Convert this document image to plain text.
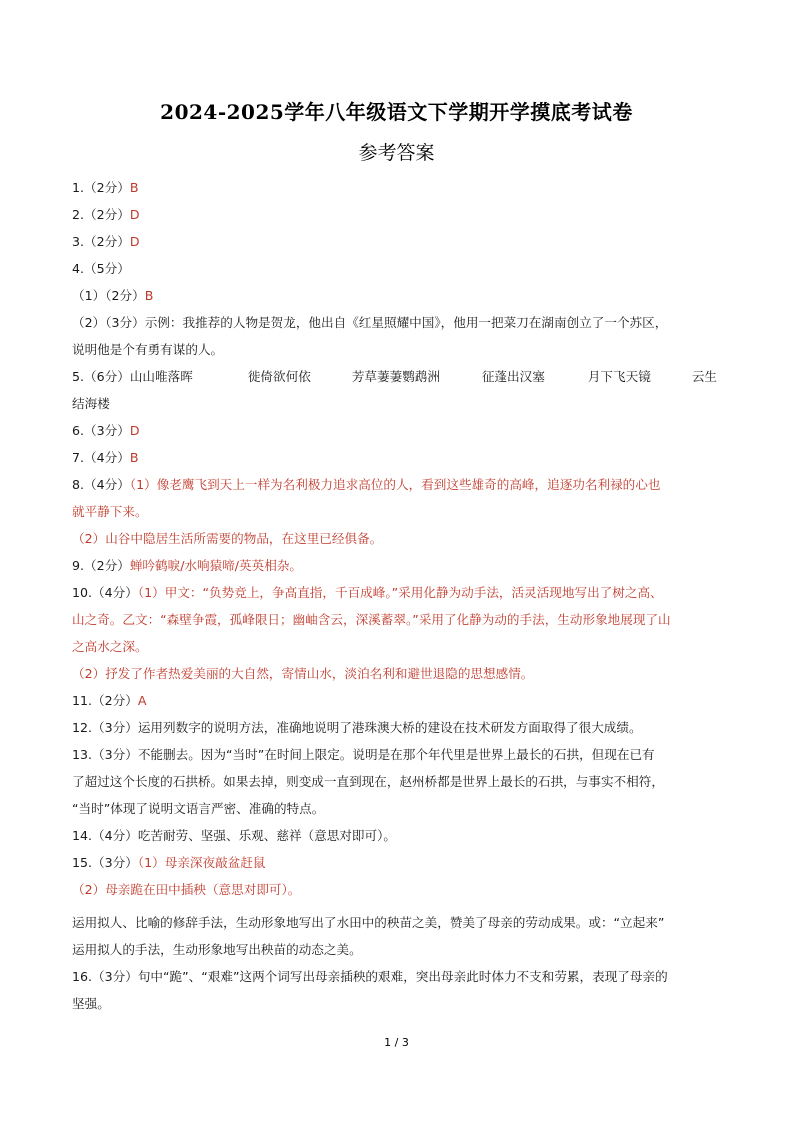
2024-2025学年八年级语文下学期开学摸底考试卷
参考答案
1.（2分）B
2.（2分）D
3.（2分）D
4.（5分）
（1）（2分）B
（2）（3分）示例：我推荐的人物是贺龙，他出自《红星照耀中国》，他用一把菜刀在湖南创立了一个苏区，
说明他是个有勇有谋的人。
5.（6分）山山唯落晖	徙倚欲何依	芳草萋萋鹦鹉洲	征蓬出汉塞	月下飞天镜	云生
结海楼
6.（3分）D
7.（4分）B
8.（4分）（1）像老鹰飞到天上一样为名利极力追求高位的人，看到这些雄奇的高峰，追逐功名利禄的心也
就平静下来。
（2）山谷中隐居生活所需要的物品，在这里已经俱备。
9.（2分）蝉吟鹤唳/水响猿啼/英英相杂。
10.（4分）（1）甲文：“负势竞上，争高直指，千百成峰。”采用化静为动手法，活灵活现地写出了树之高、
山之奇。乙文：“森壁争霞，孤峰限日；幽岫含云，深溪蓄翠。”采用了化静为动的手法，生动形象地展现了山
之高水之深。
（2）抒发了作者热爱美丽的大自然，寄情山水，淡泊名利和避世退隐的思想感情。
11.（2分）A
12.（3分）运用列数字的说明方法，准确地说明了港珠澳大桥的建设在技术研发方面取得了很大成绩。
13.（3分）不能删去。因为“当时”在时间上限定。说明是在那个年代里是世界上最长的石拱，但现在已有
了超过这个长度的石拱桥。如果去掉，则变成一直到现在，赵州桥都是世界上最长的石拱，与事实不相符，
“当时”体现了说明文语言严密、准确的特点。
14.（4分）吃苦耐劳、坚强、乐观、慈祥（意思对即可）。
15.（3分）（1）母亲深夜敲盆赶鼠
（2）母亲跪在田中插秧（意思对即可）。
运用拟人、比喻的修辞手法，生动形象地写出了水田中的秧苗之美，赞美了母亲的劳动成果。或：“立起来”
运用拟人的手法，生动形象地写出秧苗的动态之美。
16.（3分）句中“跪”、“艰难”这两个词写出母亲插秧的艰难，突出母亲此时体力不支和劳累，表现了母亲的
坚强。
1 / 3
